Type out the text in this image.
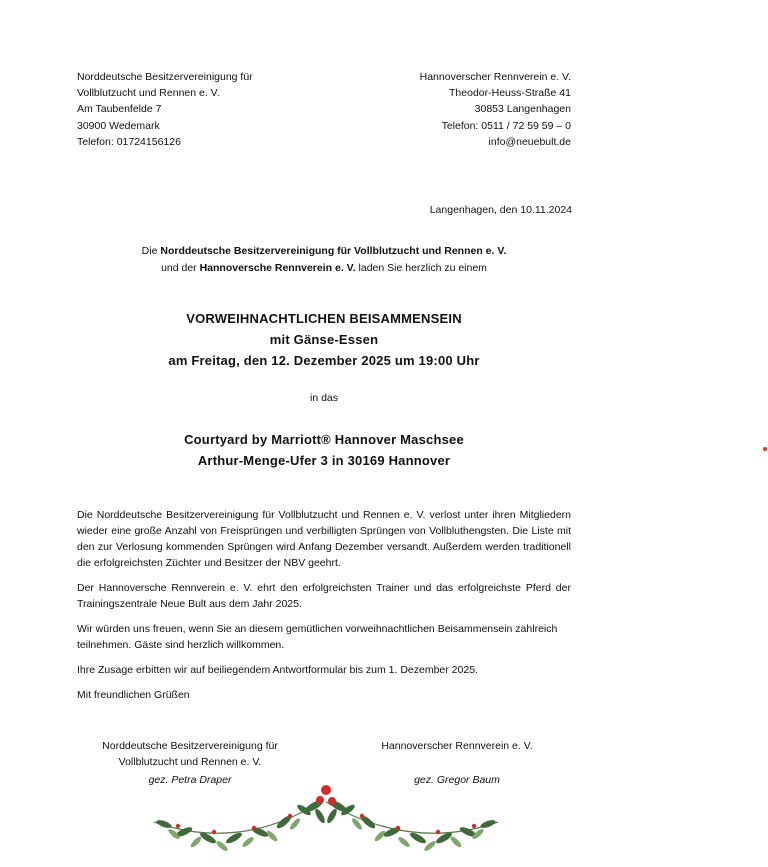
Norddeutsche Besitzervereinigung für
Vollblutzucht und Rennen e. V.
Am Taubenfelde 7
30900 Wedemark
Telefon: 01724156126
Hannoverscher Rennverein e. V.
Theodor-Heuss-Straße 41
30853 Langenhagen
Telefon: 0511 / 72 59 59 – 0
info@neuebult.de
Langenhagen, den 10.11.2024
Die Norddeutsche Besitzervereinigung für Vollblutzucht und Rennen e. V.
und der Hannoversche Rennverein e. V. laden Sie herzlich zu einem
VORWEIHNACHTLICHEN BEISAMMENSEIN
mit Gänse-Essen
am Freitag, den 12. Dezember 2025 um 19:00 Uhr
in das
Courtyard by Marriott® Hannover Maschsee
Arthur-Menge-Ufer 3 in 30169 Hannover

Die Norddeutsche Besitzervereinigung für Vollblutzucht und Rennen e. V. verlost unter ihren Mitgliedern wieder eine große Anzahl von Freisprüngen und verbilligten Sprüngen von Vollbluthengsten. Die Liste mit den zur Verlosung kommenden Sprüngen wird Anfang Dezember versandt. Außerdem werden traditionell die erfolgreichsten Züchter und Besitzer der NBV geehrt.

Der Hannoversche Rennverein e. V. ehrt den erfolgreichsten Trainer und das erfolgreichste Pferd der Trainingszentrale Neue Bult aus dem Jahr 2025.

Wir würden uns freuen, wenn Sie an diesem gemütlichen vorweihnachtlichen Beisammensein zahlreich teilnehmen. Gäste sind herzlich willkommen.

Ihre Zusage erbitten wir auf beiliegendem Antwortformular bis zum 1. Dezember 2025.

Mit freundlichen Grüßen
Norddeutsche Besitzervereinigung für
Vollblutzucht und Rennen e. V.
gez. Petra Draper
Hannoverscher Rennverein e. V.
gez. Gregor Baum
